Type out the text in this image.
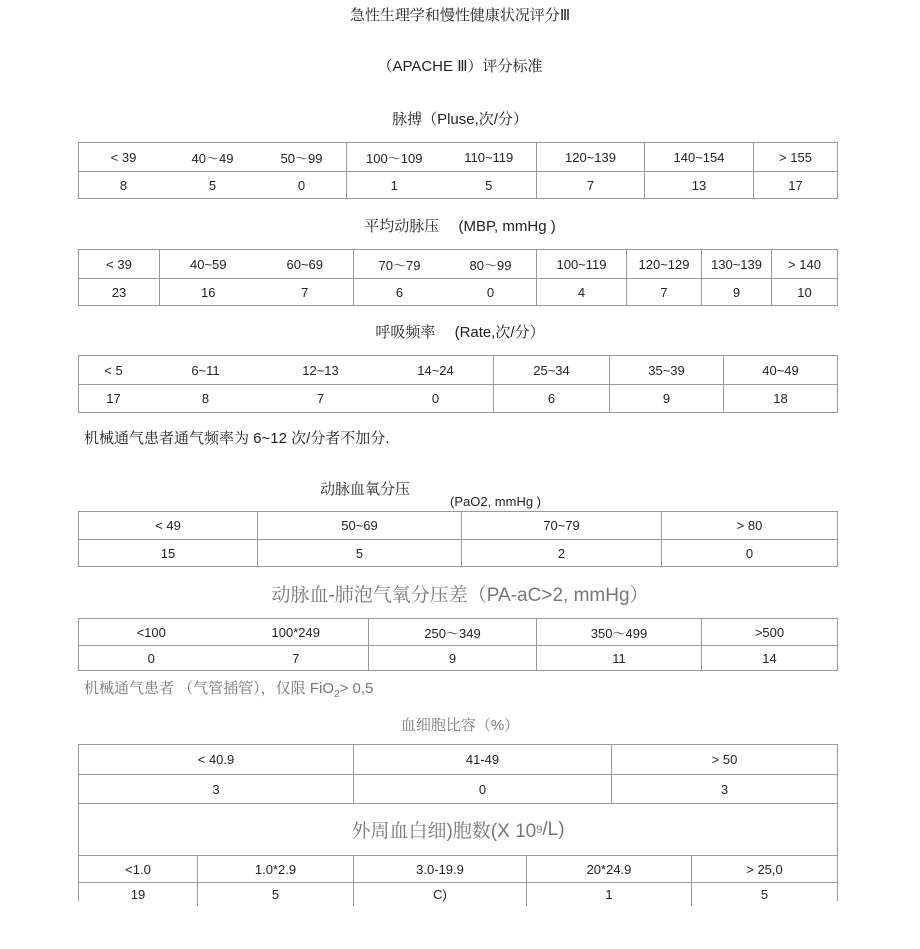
急性生理学和慢性健康状况评分Ⅲ
（APACHE Ⅲ）评分标准
脉搏（Pluse,次/分）
< 39	40～49	50～99	100～109	110~119	120~139	140~154	> 155
8	5	0	1	5	7	13	17
平均动脉压　 (MBP, mmHg )
< 39	40~59	60~69	70～79	80～99	100~119	120~129	130~139	> 140
23	16	7	6	0	4	7	9	10
呼吸频率　 (Rate,次/分）
< 5	6~11	12~13	14~24	25~34	35~39	40~49
17	8	7	0	6	9	18
机械通气患者通气频率为 6~12 次/分者不加分.
动脉血氧分压
(PaO2, mmHg )
< 49	50~69	70~79	> 80
15	5	2	0
动脉血-肺泡气氧分压差（PA-aC>2, mmHg）
<100	100*249	250～349	350～499	>500
0	7	9	11	14
机械通气患者 （气管插管），仅限 FiO$_2$> 0,5
血细胞比容（%）
< 40.9	41-49	> 50
3	0	3
外周血白细)胞数(X 10 9 /L)
<1.0	1.0*2.9	3.0-19.9	20*24.9	> 25,0
19	5	C)	1	5
